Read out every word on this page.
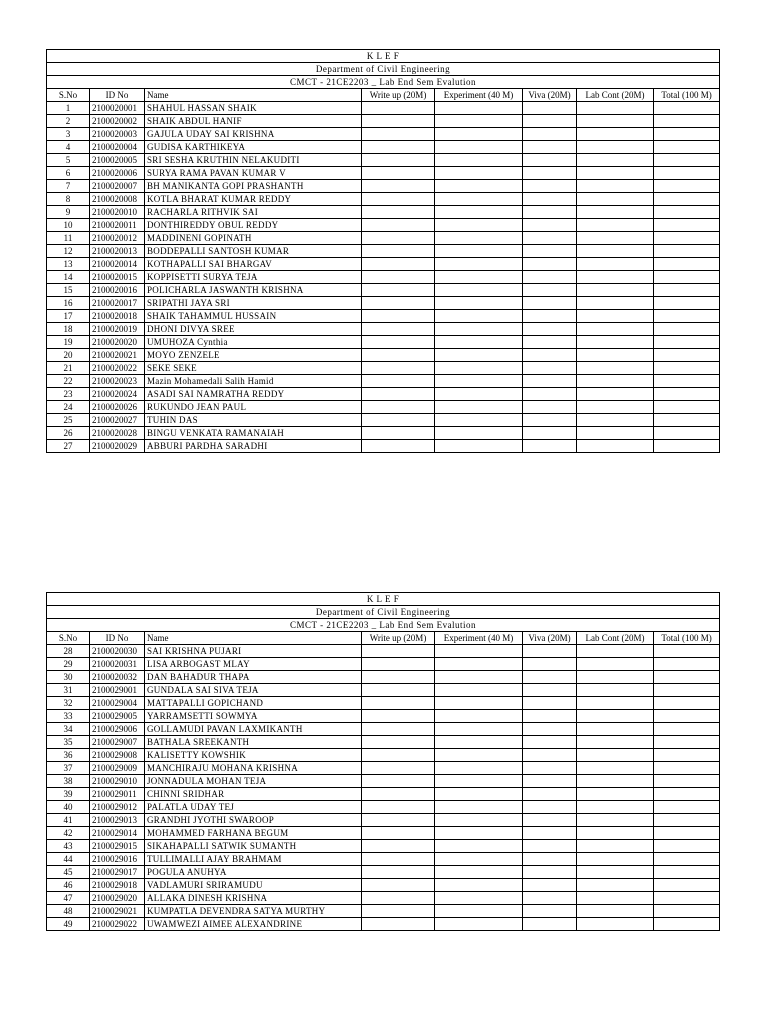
K L E F							
Department of Civil Engineering							
CMCT - 21CE2203 _ Lab End Sem Evalution							
S.No	ID No	Name	Write up (20M)	Experiment (40 M)	Viva (20M)	Lab Cont (20M)	Total (100 M)
1	2100020001	SHAHUL HASSAN SHAIK					
2	2100020002	SHAIK ABDUL HANIF					
3	2100020003	GAJULA UDAY SAI KRISHNA					
4	2100020004	GUDISA KARTHIKEYA					
5	2100020005	SRI SESHA KRUTHIN NELAKUDITI					
6	2100020006	SURYA RAMA PAVAN KUMAR V					
7	2100020007	BH MANIKANTA GOPI PRASHANTH					
8	2100020008	KOTLA BHARAT KUMAR REDDY					
9	2100020010	RACHARLA RITHVIK SAI					
10	2100020011	DONTHIREDDY OBUL REDDY					
11	2100020012	MADDINENI GOPINATH					
12	2100020013	BODDEPALLI SANTOSH KUMAR					
13	2100020014	KOTHAPALLI SAI BHARGAV					
14	2100020015	KOPPISETTI SURYA TEJA					
15	2100020016	POLICHARLA JASWANTH KRISHNA					
16	2100020017	SRIPATHI JAYA SRI					
17	2100020018	SHAIK TAHAMMUL HUSSAIN					
18	2100020019	DHONI DIVYA SREE					
19	2100020020	UMUHOZA Cynthia					
20	2100020021	MOYO ZENZELE					
21	2100020022	SEKE SEKE					
22	2100020023	Mazin Mohamedali Salih Hamid					
23	2100020024	ASADI SAI NAMRATHA REDDY					
24	2100020026	RUKUNDO JEAN PAUL					
25	2100020027	TUHIN DAS					
26	2100020028	BINGU VENKATA RAMANAIAH					
27	2100020029	ABBURI PARDHA SARADHI					
K L E F							
Department of Civil Engineering							
CMCT - 21CE2203 _ Lab End Sem Evalution							
S.No	ID No	Name	Write up (20M)	Experiment (40 M)	Viva (20M)	Lab Cont (20M)	Total (100 M)
28	2100020030	SAI KRISHNA PUJARI					
29	2100020031	LISA ARBOGAST MLAY					
30	2100020032	DAN BAHADUR THAPA					
31	2100029001	GUNDALA SAI SIVA TEJA					
32	2100029004	MATTAPALLI GOPICHAND					
33	2100029005	YARRAMSETTI SOWMYA					
34	2100029006	GOLLAMUDI PAVAN LAXMIKANTH					
35	2100029007	BATHALA SREEKANTH					
36	2100029008	KALISETTY KOWSHIK					
37	2100029009	MANCHIRAJU MOHANA KRISHNA					
38	2100029010	JONNADULA MOHAN TEJA					
39	2100029011	CHINNI SRIDHAR					
40	2100029012	PALATLA UDAY TEJ					
41	2100029013	GRANDHI JYOTHI SWAROOP					
42	2100029014	MOHAMMED FARHANA BEGUM					
43	2100029015	SIKAHAPALLI SATWIK SUMANTH					
44	2100029016	TULLIMALLI AJAY BRAHMAM					
45	2100029017	POGULA ANUHYA					
46	2100029018	VADLAMURI SRIRAMUDU					
47	2100029020	ALLAKA DINESH KRISHNA					
48	2100029021	KUMPATLA DEVENDRA SATYA MURTHY					
49	2100029022	UWAMWEZI AIMEE ALEXANDRINE					
